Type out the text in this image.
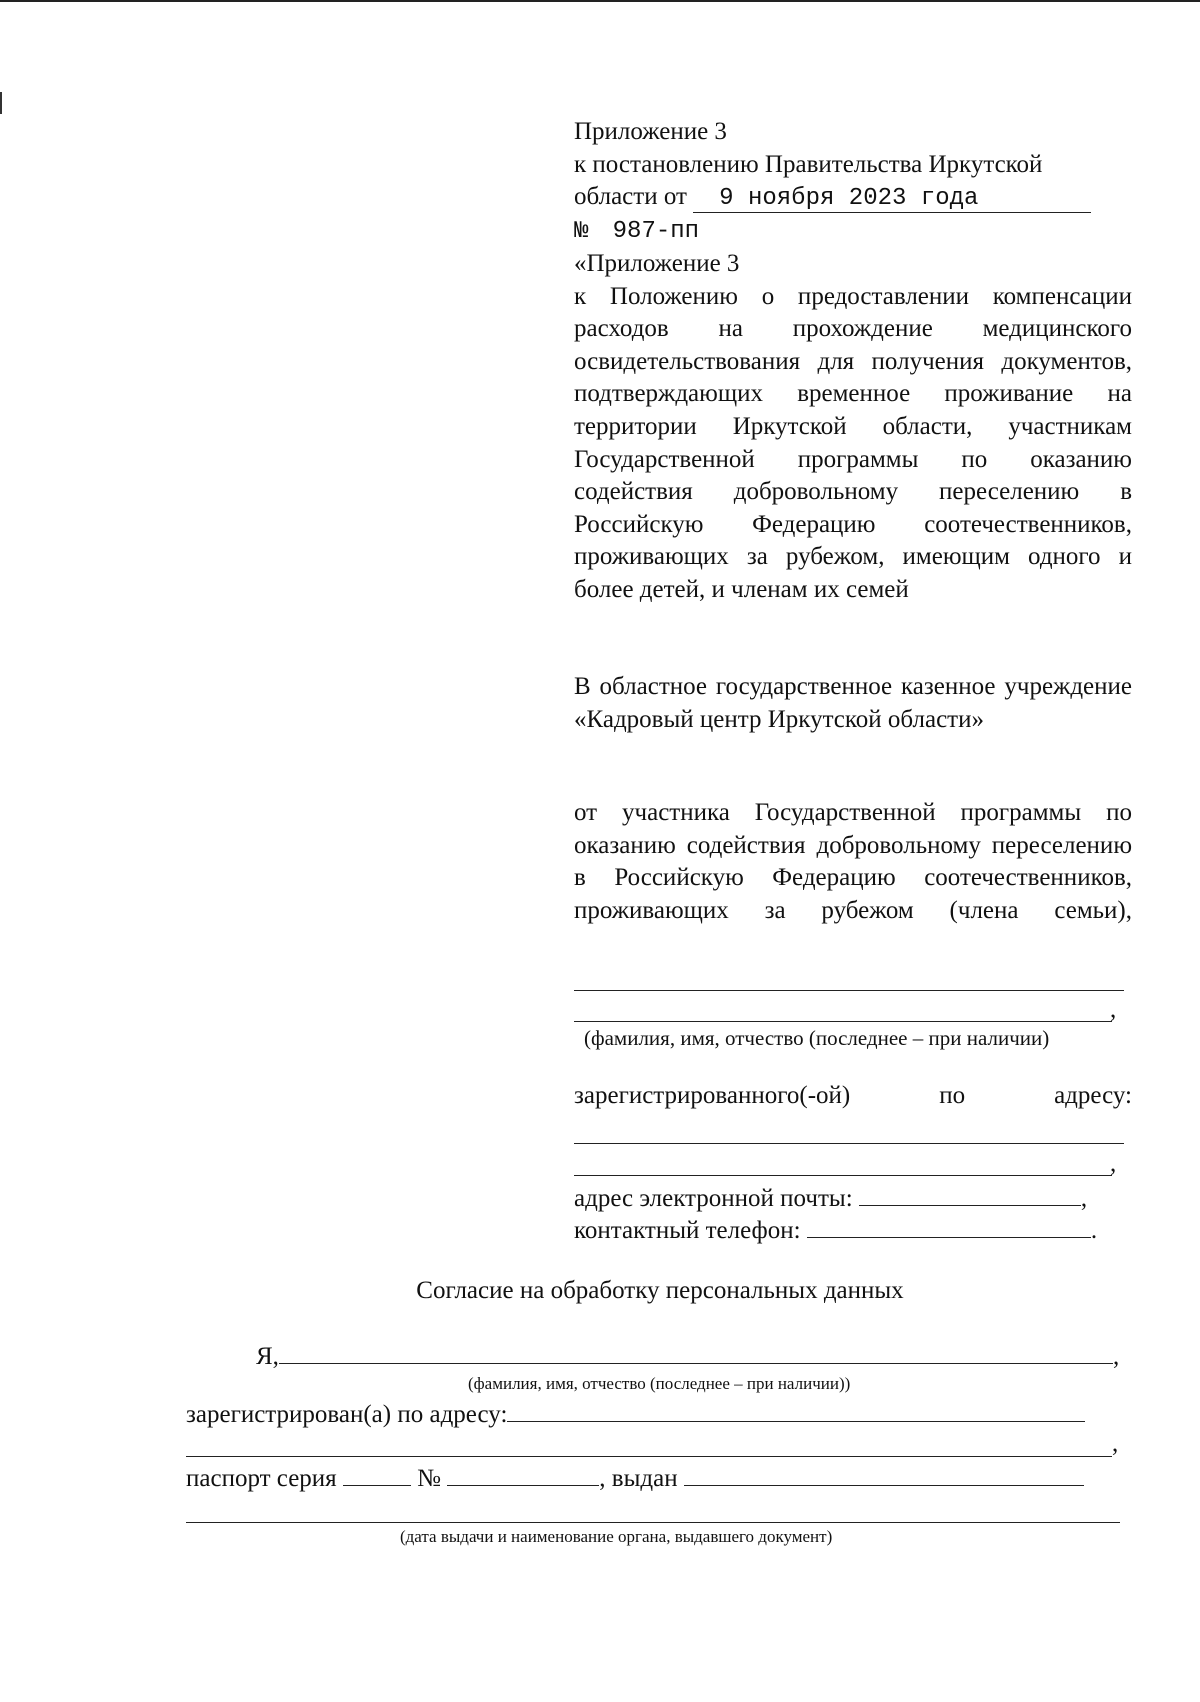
Приложение 3
к постановлению Правительства Иркутской
области от 9 ноября 2023 года
№ 987-пп
«Приложение 3
к Положению о предоставлении компенсации расходов на прохождение медицинского освидетельствования для получения документов, подтверждающих временное проживание на территории Иркутской области, участникам Государственной программы по оказанию содействия добровольному переселению в Российскую Федерацию соотечественников, проживающих за рубежом, имеющим одного и более детей, и членам их семей
В областное государственное казенное учреждение «Кадровый центр Иркутской области»
от участника Государственной программы по оказанию содействия добровольному переселению в Российскую Федерацию соотечественников, проживающих за рубежом (члена семьи),
,
(фамилия, имя, отчество (последнее – при наличии)
зарегистрированного(-ой) по адресу:
,
адрес электронной почты:	,
контактный телефон:	.
Согласие на обработку персональных данных
Я,	,
(фамилия, имя, отчество (последнее – при наличии))
зарегистрирован(а) по адресу:
,
паспорт серия	№	, выдан
(дата выдачи и наименование органа, выдавшего документ)
